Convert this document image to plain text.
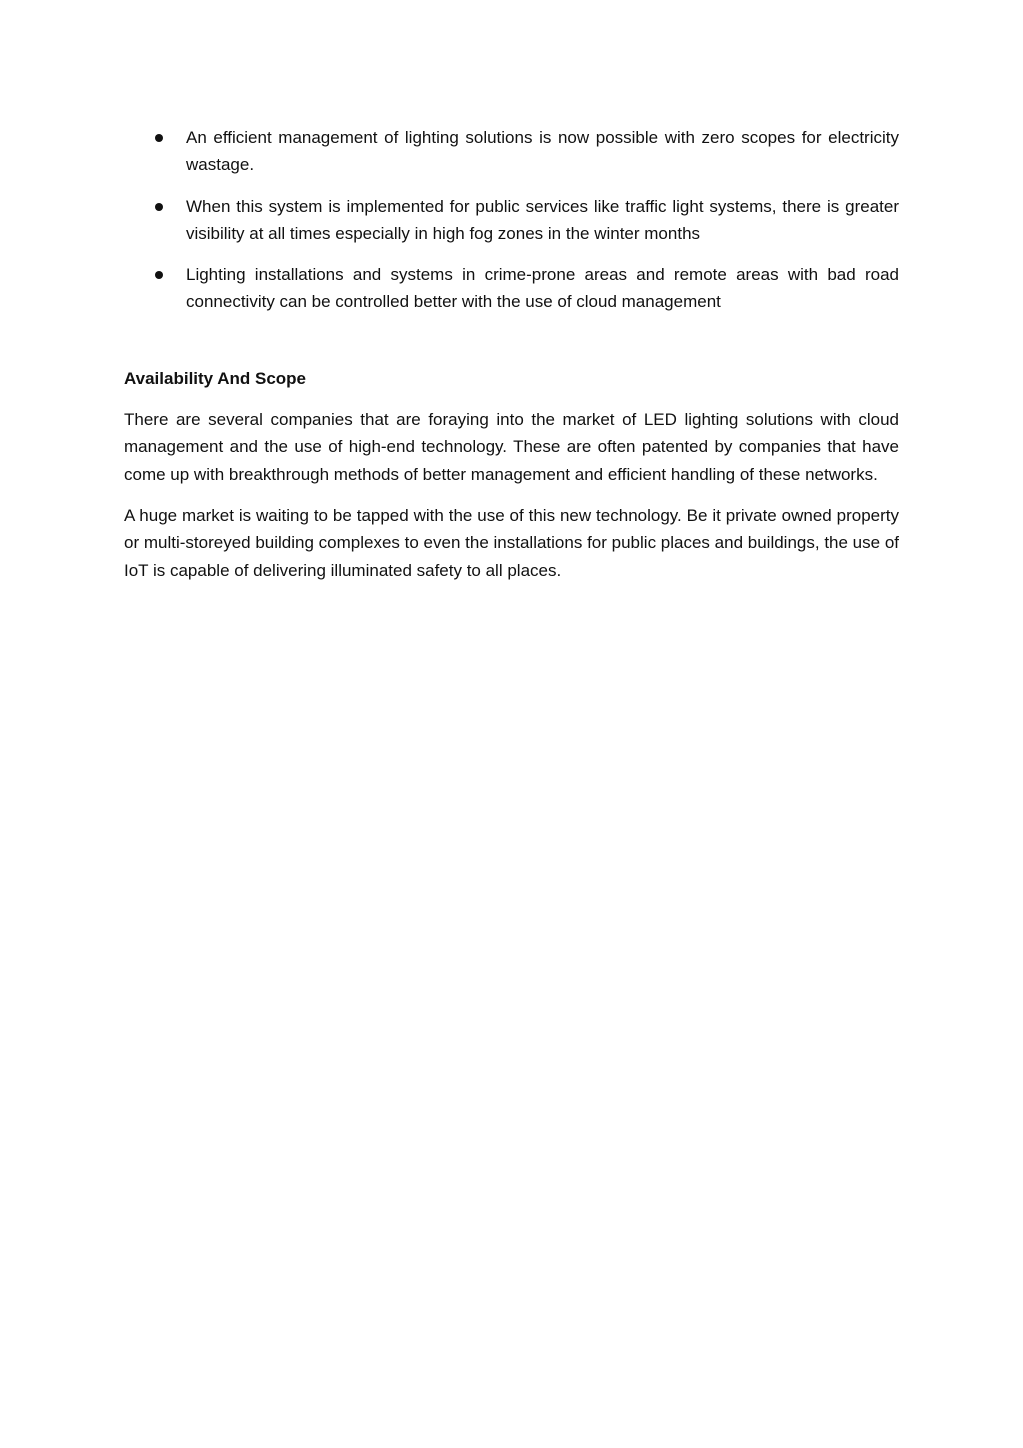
An efficient management of lighting solutions is now possible with zero scopes for electricity wastage.
When this system is implemented for public services like traffic light systems, there is greater visibility at all times especially in high fog zones in the winter months
Lighting installations and systems in crime-prone areas and remote areas with bad road connectivity can be controlled better with the use of cloud management
Availability And Scope

There are several companies that are foraying into the market of LED lighting solutions with cloud management and the use of high-end technology. These are often patented by companies that have come up with breakthrough methods of better management and efficient handling of these networks.

A huge market is waiting to be tapped with the use of this new technology. Be it private owned property or multi-storeyed building complexes to even the installations for public places and buildings, the use of IoT is capable of delivering illuminated safety to all places.
